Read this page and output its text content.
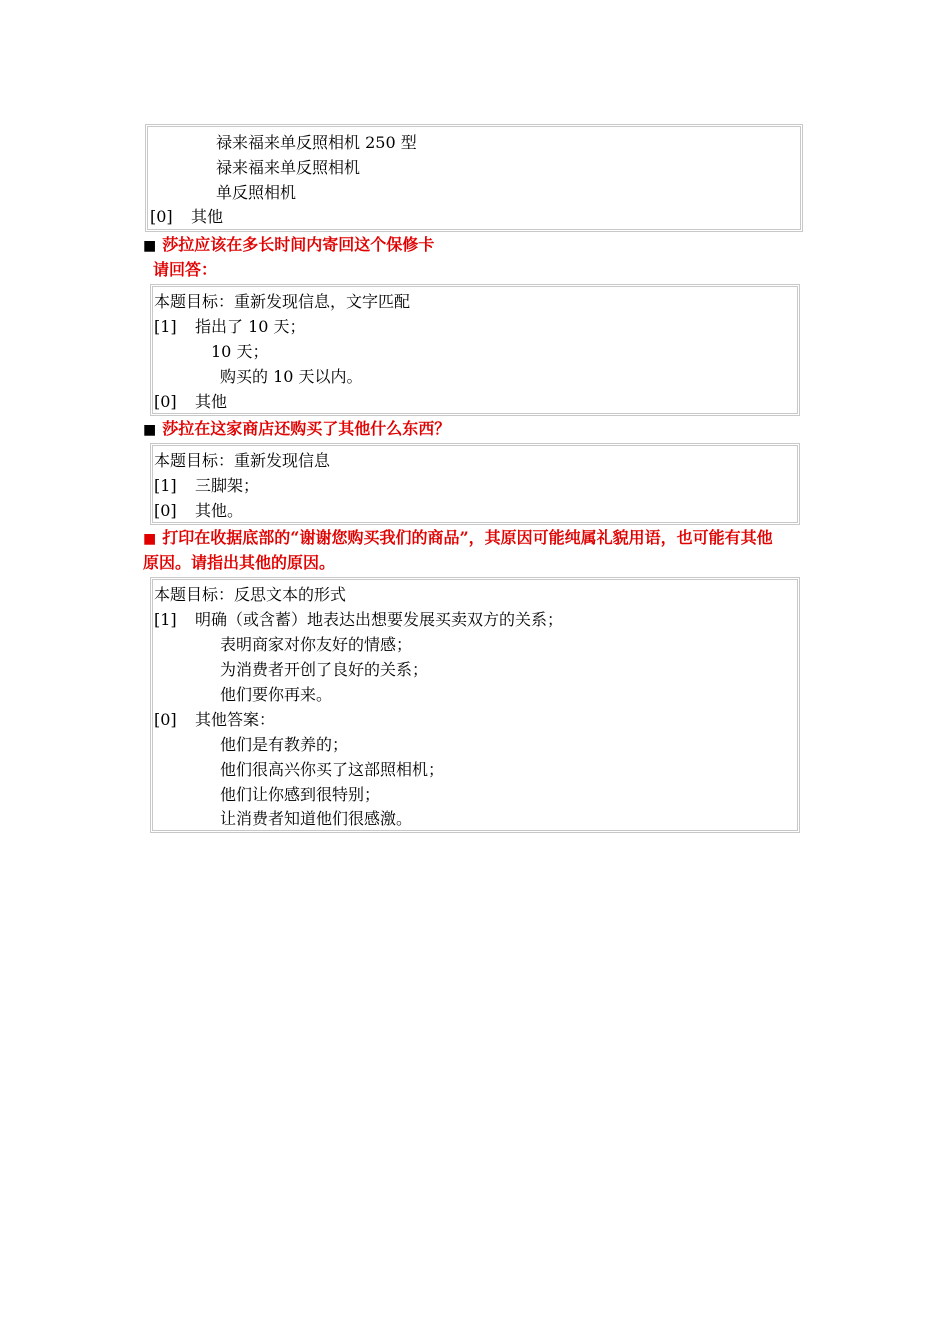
禄来福来单反照相机 250 型
禄来福来单反照相机
单反照相机
[0] 其他
■ 莎拉应该在多长时间内寄回这个保修卡
请回答：
本题目标：重新发现信息，文字匹配
[1] 指出了 10 天；
10 天；
购买的 10 天以内。
[0] 其他
■ 莎拉在这家商店还购买了其他什么东西？
本题目标：重新发现信息
[1] 三脚架；
[0] 其他。
■ 打印在收据底部的“谢谢您购买我们的商品”，其原因可能纯属礼貌用语，也可能有其他
原因。请指出其他的原因。
本题目标：反思文本的形式
[1] 明确（或含蓄）地表达出想要发展买卖双方的关系；
表明商家对你友好的情感；
为消费者开创了良好的关系；
他们要你再来。
[0] 其他答案：
他们是有教养的；
他们很高兴你买了这部照相机；
他们让你感到很特别；
让消费者知道他们很感激。
